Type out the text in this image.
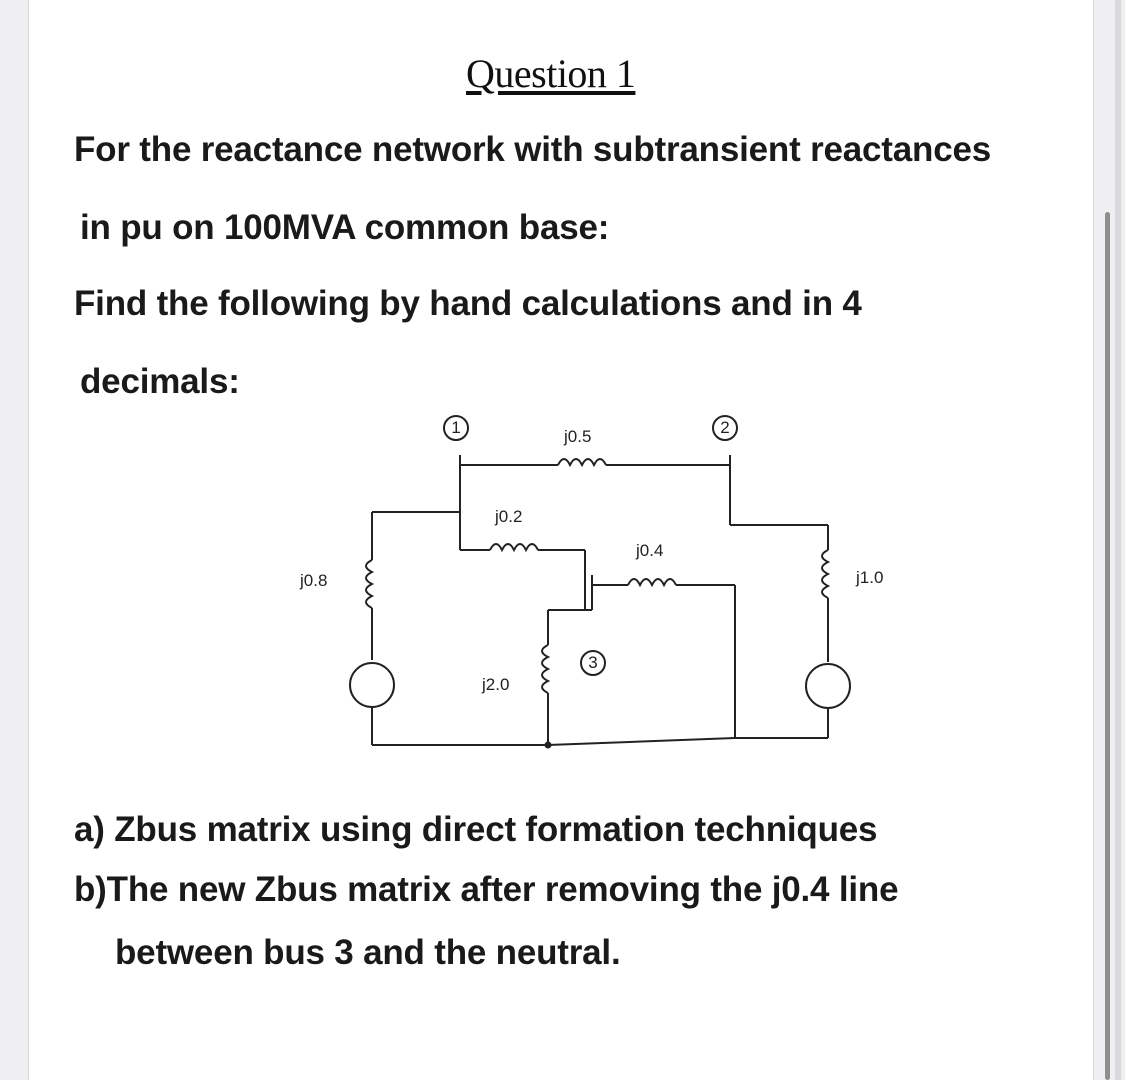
Question 1
For the reactance network with subtransient reactances
in pu on 100MVA common base:
Find the following by hand calculations and in 4
decimals:
1	2
3
j0.5
j0.2
j0.4
j0.8	j1.0
j2.0
a) Zbus matrix using direct formation techniques
b)The new Zbus matrix after removing the j0.4 line
between bus 3 and the neutral.
